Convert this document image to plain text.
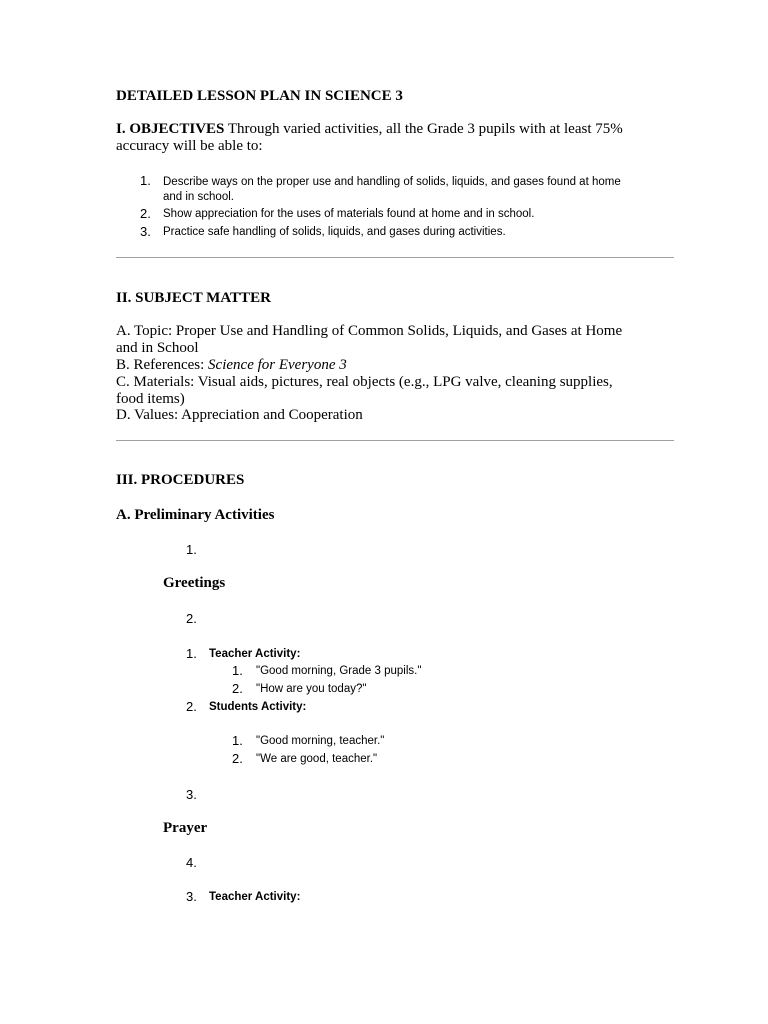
DETAILED LESSON PLAN IN SCIENCE 3
I. OBJECTIVES Through varied activities, all the Grade 3 pupils with at least 75% accuracy will be able to:
1. Describe ways on the proper use and handling of solids, liquids, and gases found at home
and in school.
2. Show appreciation for the uses of materials found at home and in school.
3. Practice safe handling of solids, liquids, and gases during activities.
II. SUBJECT MATTER
A. Topic: Proper Use and Handling of Common Solids, Liquids, and Gases at Home
and in School
B. References: Science for Everyone 3
C. Materials: Visual aids, pictures, real objects (e.g., LPG valve, cleaning supplies,
food items)
D. Values: Appreciation and Cooperation
III. PROCEDURES
A. Preliminary Activities
1.
Greetings
2.
1. Teacher Activity:
1. "Good morning, Grade 3 pupils."
2. "How are you today?"
2. Students Activity:
1. "Good morning, teacher."
2. "We are good, teacher."
3.
Prayer
4.
3. Teacher Activity:
